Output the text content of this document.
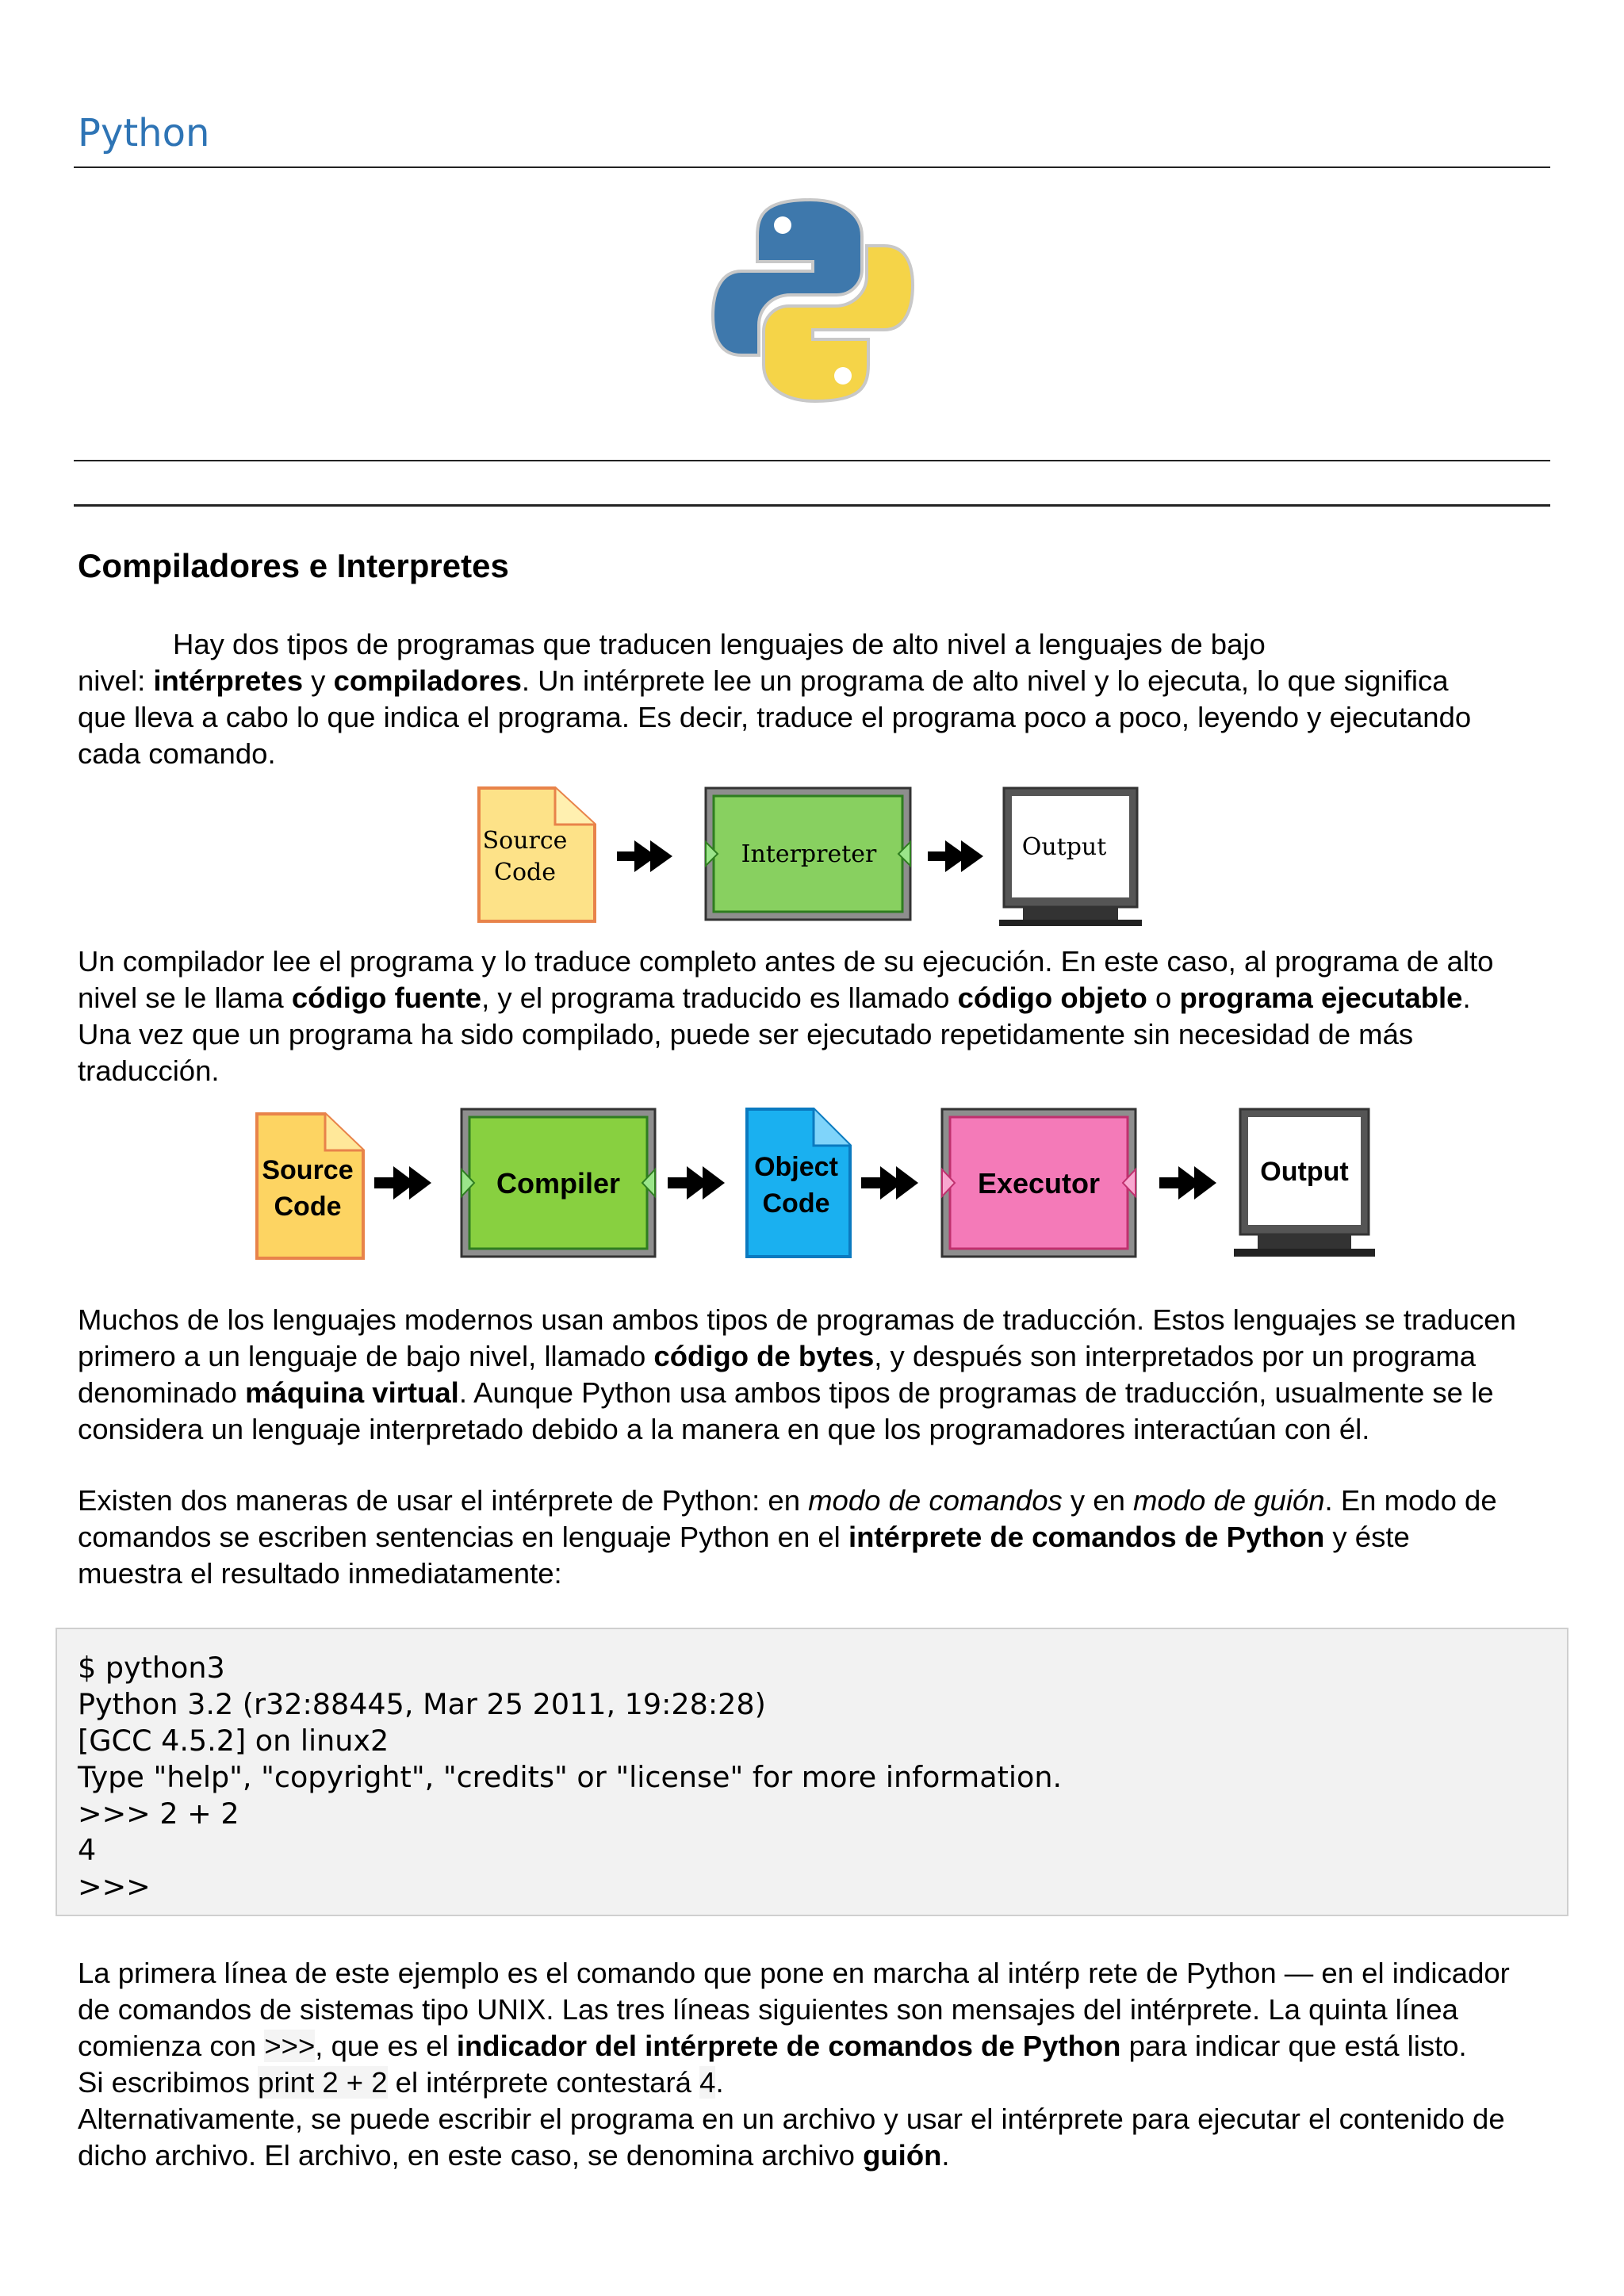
Python
Compiladores e Interpretes
Hay dos tipos de programas que traducen lenguajes de alto nivel a lenguajes de bajo
nivel: intérpretes y compiladores. Un intérprete lee un programa de alto nivel y lo ejecuta, lo que significa
que lleva a cabo lo que indica el programa. Es decir, traduce el programa poco a poco, leyendo y ejecutando
cada comando.
Source
Code
Interpreter	Output
Un compilador lee el programa y lo traduce completo antes de su ejecución. En este caso, al programa de alto
nivel se le llama código fuente, y el programa traducido es llamado código objeto o programa ejecutable.
Una vez que un programa ha sido compilado, puede ser ejecutado repetidamente sin necesidad de más
traducción.
Source
Code
Compiler	Object
Code
Executor	Output
Muchos de los lenguajes modernos usan ambos tipos de programas de traducción. Estos lenguajes se traducen
primero a un lenguaje de bajo nivel, llamado código de bytes, y después son interpretados por un programa
denominado máquina virtual. Aunque Python usa ambos tipos de programas de traducción, usualmente se le
considera un lenguaje interpretado debido a la manera en que los programadores interactúan con él.
Existen dos maneras de usar el intérprete de Python: en modo de comandos y en modo de guión. En modo de
comandos se escriben sentencias en lenguaje Python en el intérprete de comandos de Python y éste
muestra el resultado inmediatamente:
$ python3
Python 3.2 (r32:88445, Mar 25 2011, 19:28:28)
[GCC 4.5.2] on linux2
Type "help", "copyright", "credits" or "license" for more information.
>>> 2 + 2
4
>>>
La primera línea de este ejemplo es el comando que pone en marcha al intérp rete de Python — en el indicador
de comandos de sistemas tipo UNIX. Las tres líneas siguientes son mensajes del intérprete. La quinta línea
comienza con >>>, que es el indicador del intérprete de comandos de Python para indicar que está listo.
Si escribimos print 2 + 2 el intérprete contestará 4.
Alternativamente, se puede escribir el programa en un archivo y usar el intérprete para ejecutar el contenido de
dicho archivo. El archivo, en este caso, se denomina archivo guión.
